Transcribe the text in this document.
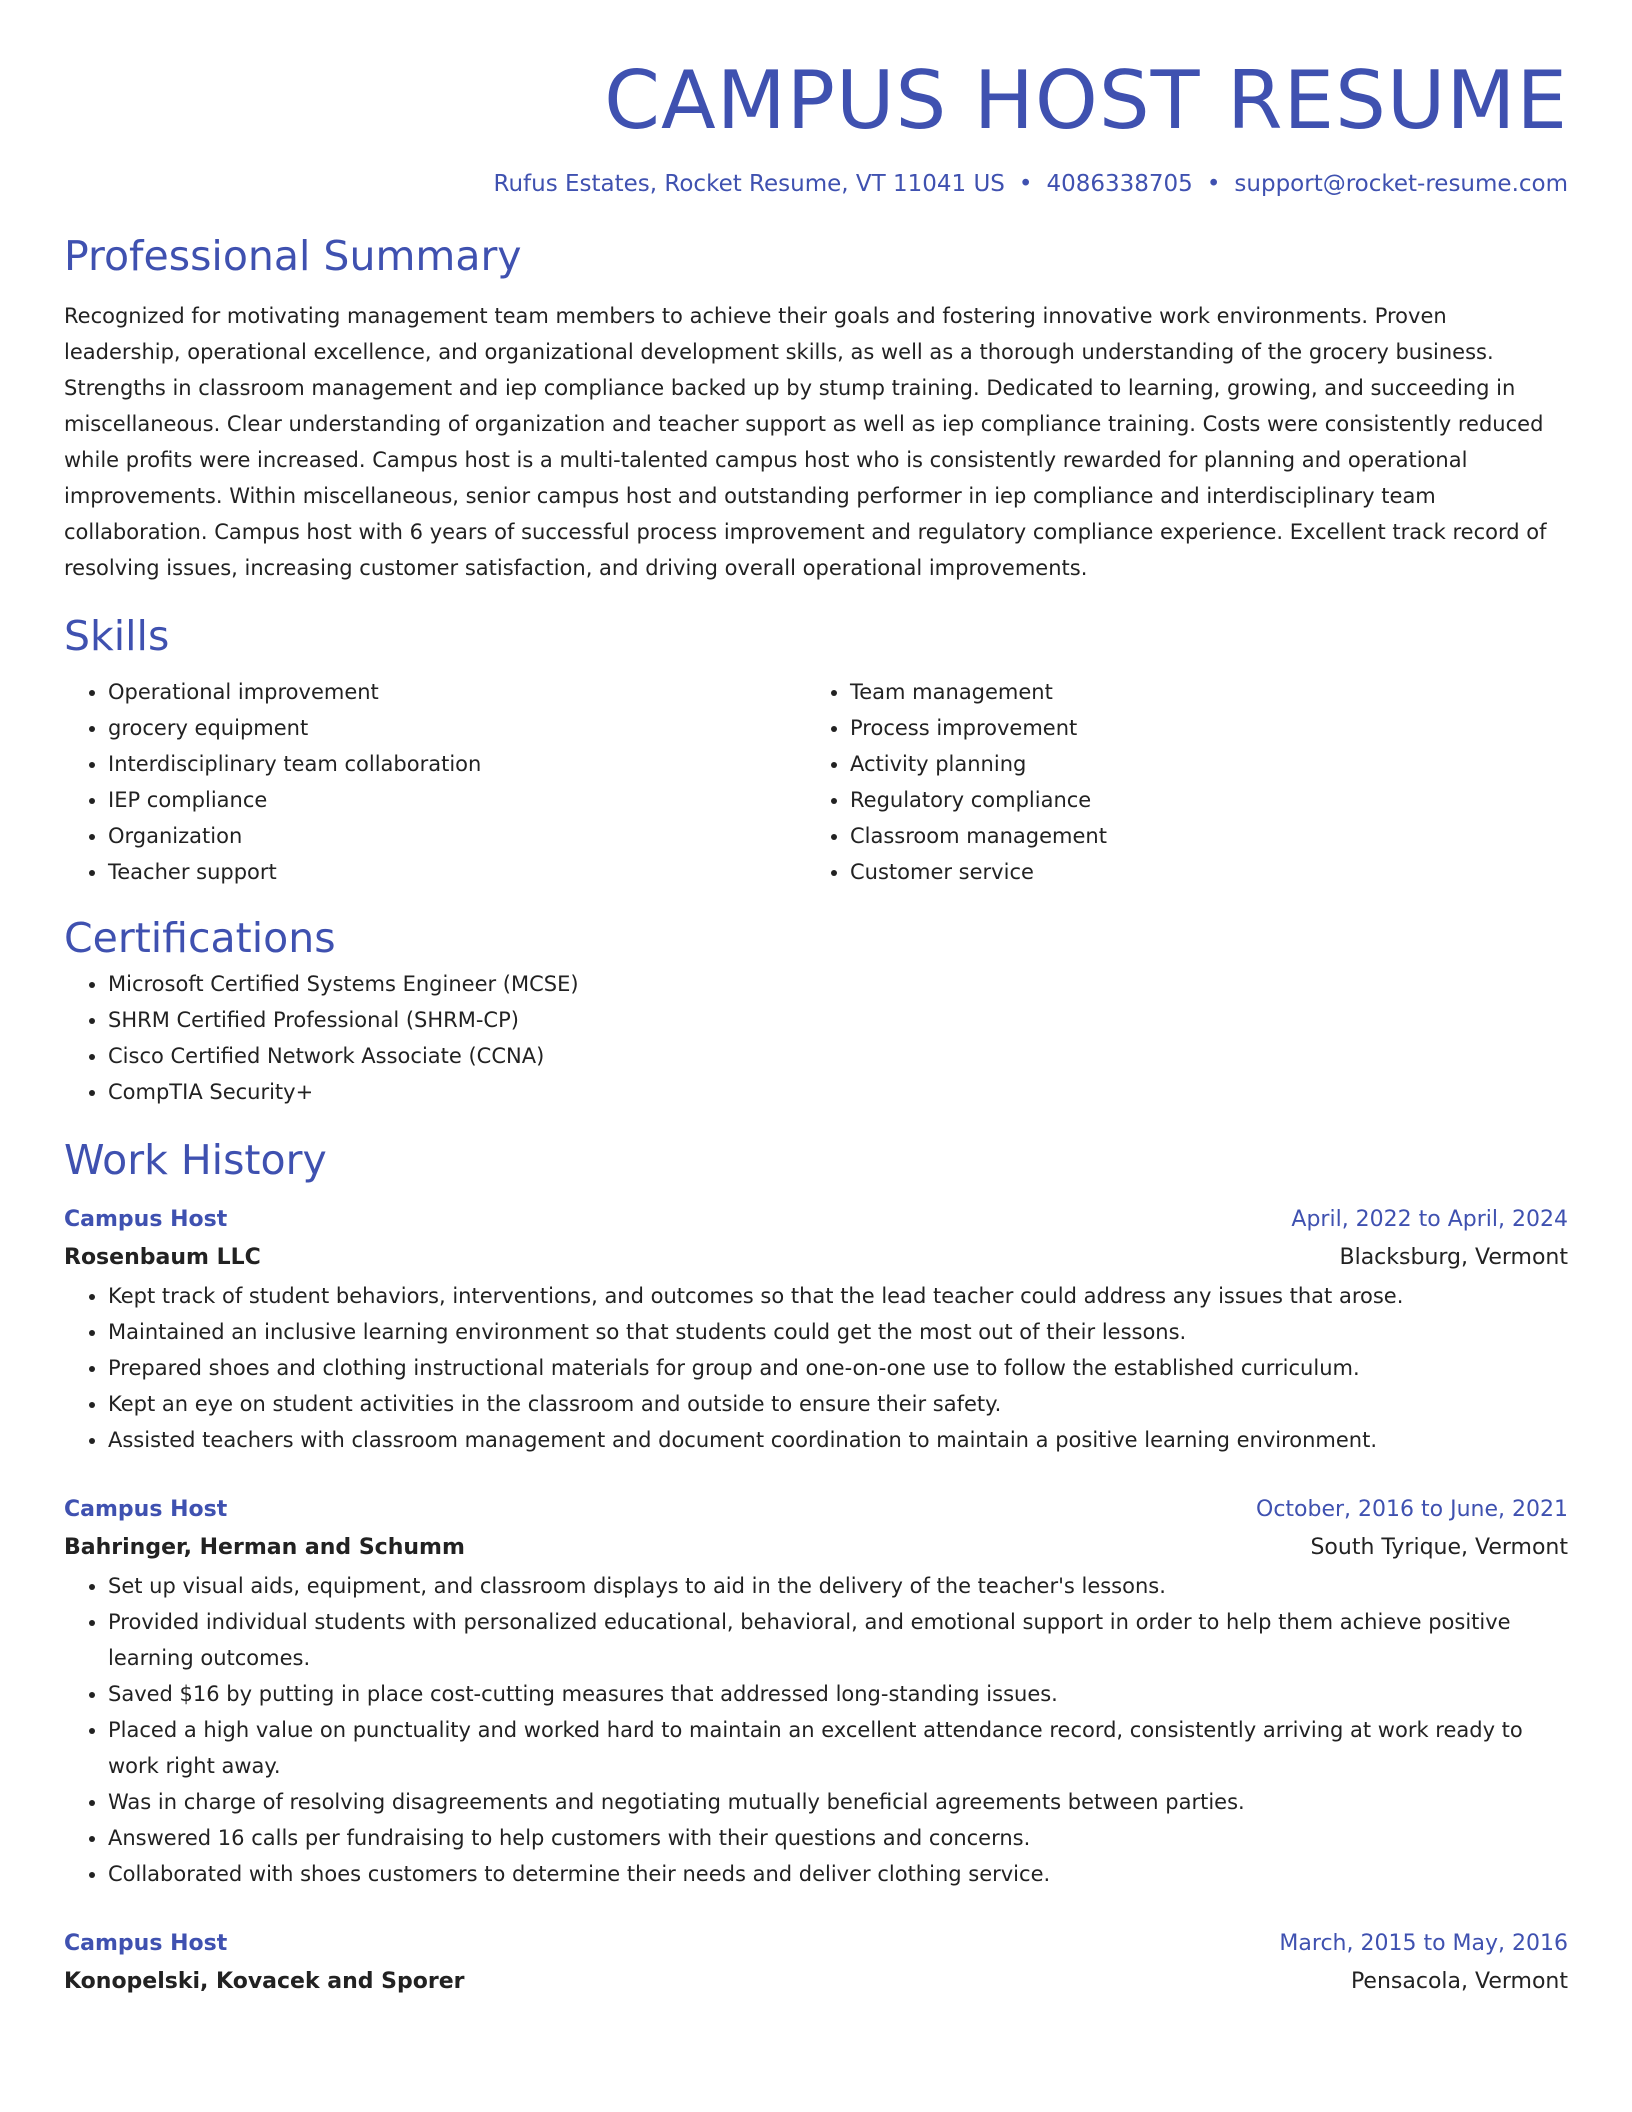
CAMPUS HOST RESUME
Rufus Estates, Rocket Resume, VT 11041 US • 4086338705 • support@rocket-resume.com
Professional Summary
Recognized for motivating management team members to achieve their goals and fostering innovative work environments. Proven leadership, operational excellence, and organizational development skills, as well as a thorough understanding of the grocery business. Strengths in classroom management and iep compliance backed up by stump training. Dedicated to learning, growing, and succeeding in miscellaneous. Clear understanding of organization and teacher support as well as iep compliance training. Costs were consistently reduced while profits were increased. Campus host is a multi-talented campus host who is consistently rewarded for planning and operational improvements. Within miscellaneous, senior campus host and outstanding performer in iep compliance and interdisciplinary team collaboration. Campus host with 6 years of successful process improvement and regulatory compliance experience. Excellent track record of resolving issues, increasing customer satisfaction, and driving overall operational improvements.
Skills
• Operational improvement
• grocery equipment
• Interdisciplinary team collaboration
• IEP compliance
• Organization
• Teacher support
• Team management
• Process improvement
• Activity planning
• Regulatory compliance
• Classroom management
• Customer service
Certifications
• Microsoft Certified Systems Engineer (MCSE)
• SHRM Certified Professional (SHRM-CP)
• Cisco Certified Network Associate (CCNA)
• CompTIA Security+
Work History
Campus Host	April, 2022 to April, 2024
Rosenbaum LLC	Blacksburg, Vermont
• Kept track of student behaviors, interventions, and outcomes so that the lead teacher could address any issues that arose.
• Maintained an inclusive learning environment so that students could get the most out of their lessons.
• Prepared shoes and clothing instructional materials for group and one-on-one use to follow the established curriculum.
• Kept an eye on student activities in the classroom and outside to ensure their safety.
• Assisted teachers with classroom management and document coordination to maintain a positive learning environment.
Campus Host	October, 2016 to June, 2021
Bahringer, Herman and Schumm	South Tyrique, Vermont
• Set up visual aids, equipment, and classroom displays to aid in the delivery of the teacher's lessons.
• Provided individual students with personalized educational, behavioral, and emotional support in order to help them achieve positive learning outcomes.
• Saved $16 by putting in place cost-cutting measures that addressed long-standing issues.
• Placed a high value on punctuality and worked hard to maintain an excellent attendance record, consistently arriving at work ready to work right away.
• Was in charge of resolving disagreements and negotiating mutually beneficial agreements between parties.
• Answered 16 calls per fundraising to help customers with their questions and concerns.
• Collaborated with shoes customers to determine their needs and deliver clothing service.
Campus Host	March, 2015 to May, 2016
Konopelski, Kovacek and Sporer	Pensacola, Vermont
